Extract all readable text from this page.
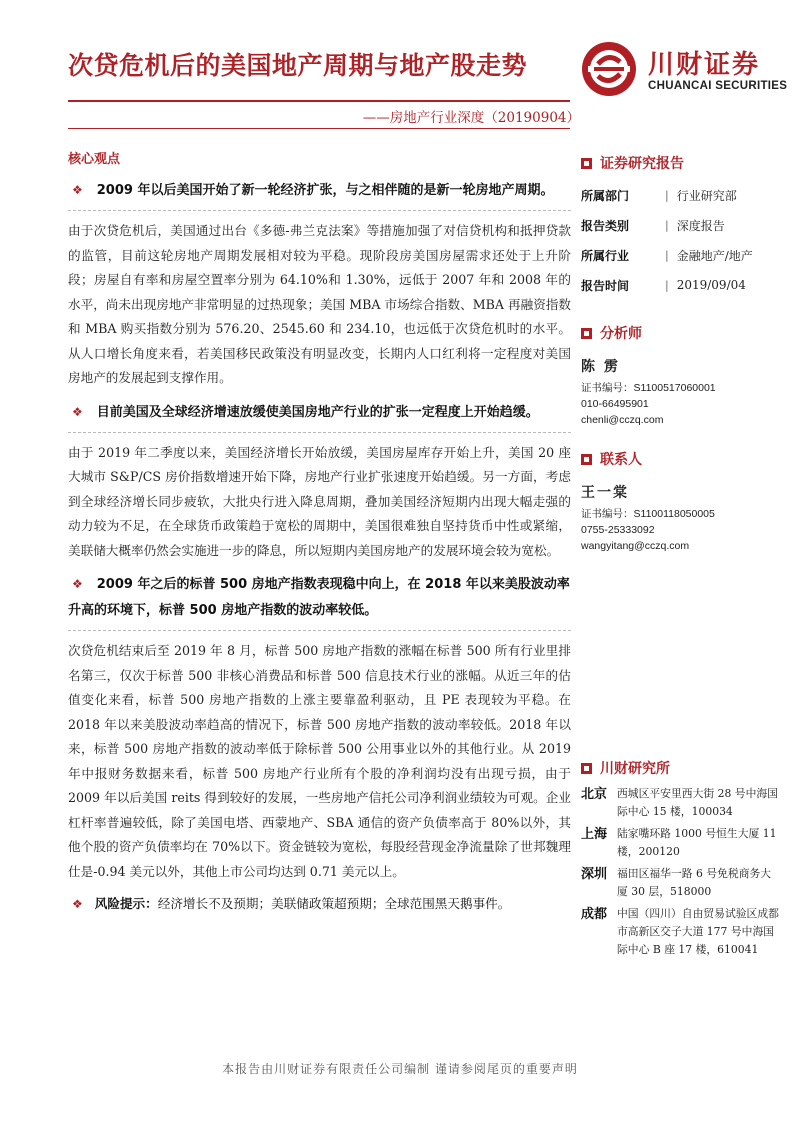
次贷危机后的美国地产周期与地产股走势
——房地产行业深度（20190904）
川财证券
CHUANCAI SECURITIES
核心观点
❖ 2009 年以后美国开始了新一轮经济扩张，与之相伴随的是新一轮房地产周期。
由于次贷危机后，美国通过出台《多德-弗兰克法案》等措施加强了对信贷机构和抵押贷款的监管，目前这轮房地产周期发展相对较为平稳。现阶段房美国房屋需求还处于上升阶段；房屋自有率和房屋空置率分别为 64.10%和 1.30%，远低于 2007 年和 2008 年的水平，尚未出现房地产非常明显的过热现象；美国 MBA 市场综合指数、MBA 再融资指数和 MBA 购买指数分别为 576.20、2545.60 和 234.10，也远低于次贷危机时的水平。从人口增长角度来看，若美国移民政策没有明显改变，长期内人口红利将一定程度对美国房地产的发展起到支撑作用。
❖ 目前美国及全球经济增速放缓使美国房地产行业的扩张一定程度上开始趋缓。
由于 2019 年二季度以来，美国经济增长开始放缓，美国房屋库存开始上升，美国 20 座大城市 S&P/CS 房价指数增速开始下降，房地产行业扩张速度开始趋缓。另一方面，考虑到全球经济增长同步疲软，大批央行进入降息周期，叠加美国经济短期内出现大幅走强的动力较为不足，在全球货币政策趋于宽松的周期中，美国很难独自坚持货币中性或紧缩，美联储大概率仍然会实施进一步的降息，所以短期内美国房地产的发展环境会较为宽松。
❖ 2009 年之后的标普 500 房地产指数表现稳中向上，在 2018 年以来美股波动率升高的环境下，标普 500 房地产指数的波动率较低。
次贷危机结束后至 2019 年 8 月，标普 500 房地产指数的涨幅在标普 500 所有行业里排名第三，仅次于标普 500 非核心消费品和标普 500 信息技术行业的涨幅。从近三年的估值变化来看，标普 500 房地产指数的上涨主要靠盈利驱动，且 PE 表现较为平稳。在 2018 年以来美股波动率趋高的情况下，标普 500 房地产指数的波动率较低。2018 年以来，标普 500 房地产指数的波动率低于除标普 500 公用事业以外的其他行业。从 2019 年中报财务数据来看，标普 500 房地产行业所有个股的净利润均没有出现亏损，由于 2009 年以后美国 reits 得到较好的发展，一些房地产信托公司净利润业绩较为可观。企业杠杆率普遍较低，除了美国电塔、西蒙地产、SBA 通信的资产负债率高于 80%以外，其他个股的资产负债率均在 70%以下。资金链较为宽松，每股经营现金净流量除了世邦魏理仕是-0.94 美元以外，其他上市公司均达到 0.71 美元以上。
❖ 风险提示：经济增长不及预期；美联储政策超预期；全球范围黑天鹅事件。
证券研究报告
所属部门	| 行业研究部
报告类别	| 深度报告
所属行业	| 金融地产/地产
报告时间	| 2019/09/04
分析师
陈 雳
证书编号：S1100517060001
010-66495901
chenli@cczq.com
联系人
王一棠
证书编号：S1100118050005
0755-25333092
wangyitang@cczq.com
川财研究所
北京 西城区平安里西大街 28 号中海国际中心 15 楼，100034
上海 陆家嘴环路 1000 号恒生大厦 11 楼，200120
深圳 福田区福华一路 6 号免税商务大厦 30 层，518000
成都 中国（四川）自由贸易试验区成都市高新区交子大道 177 号中海国际中心 B 座 17 楼，610041
本报告由川财证券有限责任公司编制 谨请参阅尾页的重要声明
